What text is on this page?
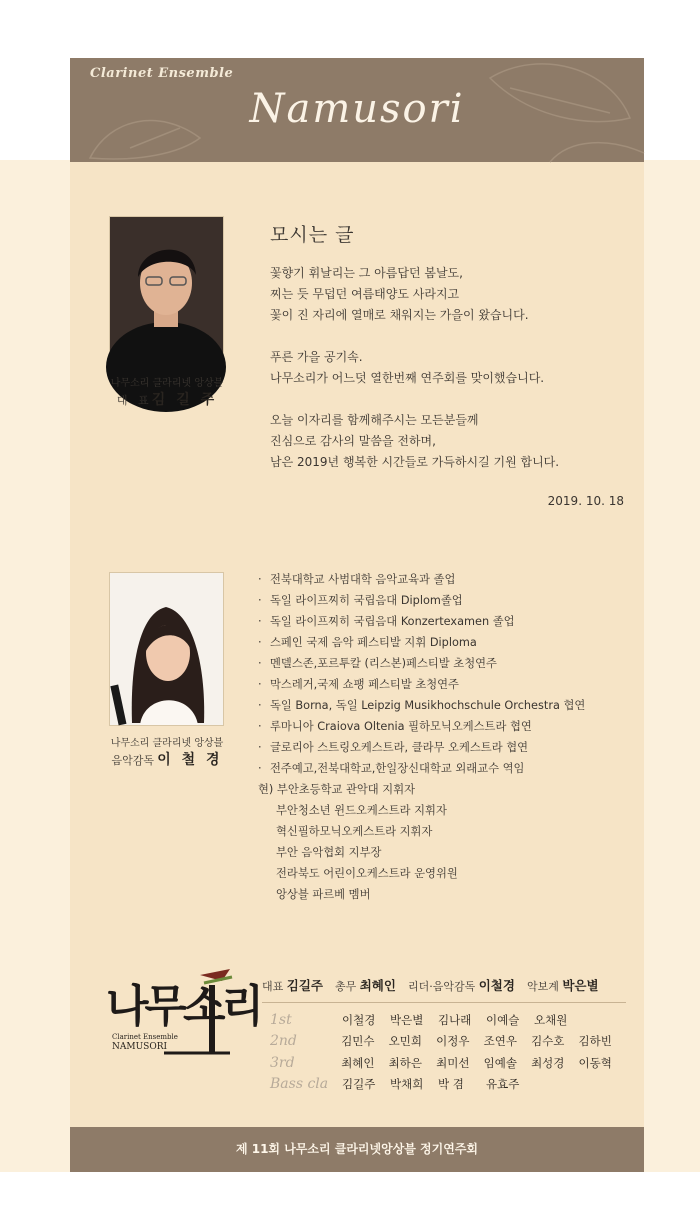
Clarinet Ensemble
Namusori
나무소리 클라리넷 앙상블
대   표 김 길 주
모시는 글
꽃향기 휘날리는 그 아름답던 봄날도,
찌는 듯 무덥던 여름태양도 사라지고
꽃이 진 자리에 열매로 채워지는 가을이 왔습니다.
푸른 가을 공기속.
나무소리가 어느덧 열한번째 연주회를 맞이했습니다.
오늘 이자리를 함께해주시는 모든분들께
진심으로 감사의 말씀을 전하며,
남은 2019년 행복한 시간들로 가득하시길 기원 합니다.
2019. 10. 18
나무소리 클라리넷 앙상블
음악감독 이 철 경
· 전북대학교 사범대학 음악교육과 졸업
· 독일 라이프찌히 국립음대 Diplom졸업
· 독일 라이프찌히 국립음대 Konzertexamen 졸업
· 스페인 국제 음악 페스티발 지휘 Diploma
· 멘델스존,포르투칼 (리스본)페스티발 초청연주
· 막스레거,국제 쇼팽 페스티발 초청연주
· 독일 Borna, 독일 Leipzig Musikhochschule Orchestra 협연
· 루마니아 Craiova Oltenia 필하모닉오케스트라 협연
· 글로리아 스트링오케스트라, 클라무 오케스트라 협연
· 전주예고,전북대학교,한일장신대학교 외래교수 역임
현) 부안초등학교 관악대 지휘자
부안청소년 윈드오케스트라 지휘자
혁신필하모닉오케스트라 지휘자
부안 음악협회 지부장
전라북도 어린이오케스트라 운영위원
앙상블 파르베 멤버
나무소리
Clarinet Ensemble
NAMUSORI
대표 김길주 총무 최혜인 리더·음악감독 이철경 악보계 박은별
1st	이철경	박은별	김나래	이예슬	오채원
2nd	김민수	오민희	이정우	조연우	김수호	김하빈
3rd	최혜인	최하은	최미선	임예솔	최성경	이동혁
Bass cla	김길주	박채희	박 겸	유효주
제 11회 나무소리 클라리넷앙상블 정기연주회
